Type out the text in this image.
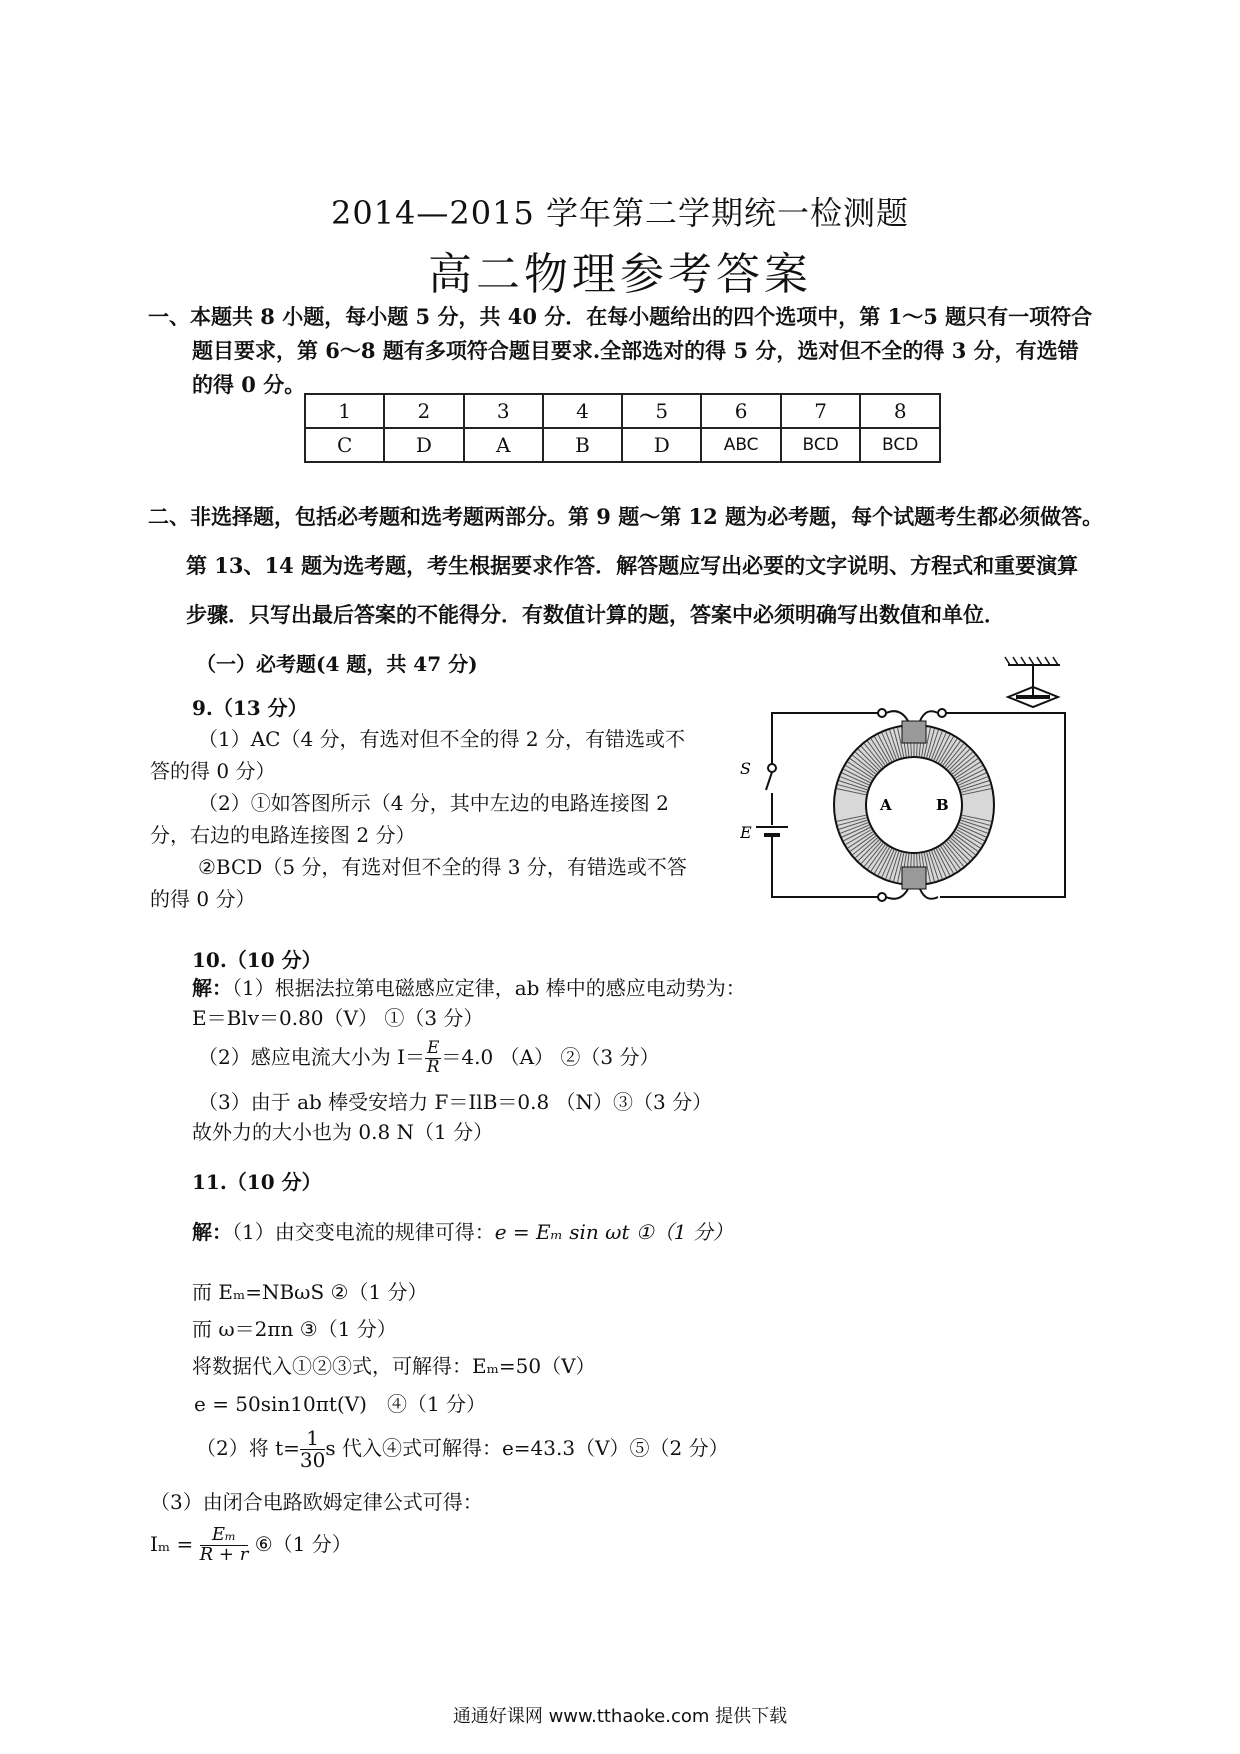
2014—2015 学年第二学期统一检测题
高二物理参考答案
一、本题共 8 小题，每小题 5 分，共 40 分．在每小题给出的四个选项中，第 1～5 题只有一项符合
题目要求，第 6～8 题有多项符合题目要求.全部选对的得 5 分，选对但不全的得 3 分，有选错
的得 0 分。
1	2	3	4	5	6	7	8
C	D	A	B	D	ABC	BCD	BCD
二、非选择题，包括必考题和选考题两部分。第 9 题～第 12 题为必考题，每个试题考生都必须做答。
第 13、14 题为选考题，考生根据要求作答．解答题应写出必要的文字说明、方程式和重要演算
步骤．只写出最后答案的不能得分．有数值计算的题，答案中必须明确写出数值和单位．
（一）必考题(4 题，共 47 分)
9.（13 分）
（1）AC（4 分，有选对但不全的得 2 分，有错选或不
答的得 0 分）
（2）①如答图所示（4 分，其中左边的电路连接图 2
分，右边的电路连接图 2 分）
②BCD（5 分，有选对但不全的得 3 分，有错选或不答
的得 0 分）
A	B
S
E
10.（10 分）
解：（1）根据法拉第电磁感应定律，ab 棒中的感应电动势为：
E＝Blv＝0.80（V） ①（3 分）
（2）感应电流大小为 $I= \frac{E}{R} =4.0$ （A） ②（3 分）
（3）由于 ab 棒受安培力 F＝IlB＝0.8 （N）③（3 分）
故外力的大小也为 0.8 N（1 分）
11.（10 分）
解：（1）由交变电流的规律可得：e = Eₘ sin ωt ①（1 分）
而 Eₘ=NBωS ②（1 分）
而 ω＝2πn ③（1 分）
将数据代入①②③式，可解得：Eₘ=50（V）
e = 50sin10πt(V)　④（1 分）
（2）将 $t= \frac{1}{30}$ s 代入④式可解得：e=43.3（V）⑤（2 分）
（3）由闭合电路欧姆定律公式可得：
$I_m = \frac{\text{Eₘ}}{R + r}$ ⑥（1 分）
通通好课网 www.tthaoke.com 提供下载
